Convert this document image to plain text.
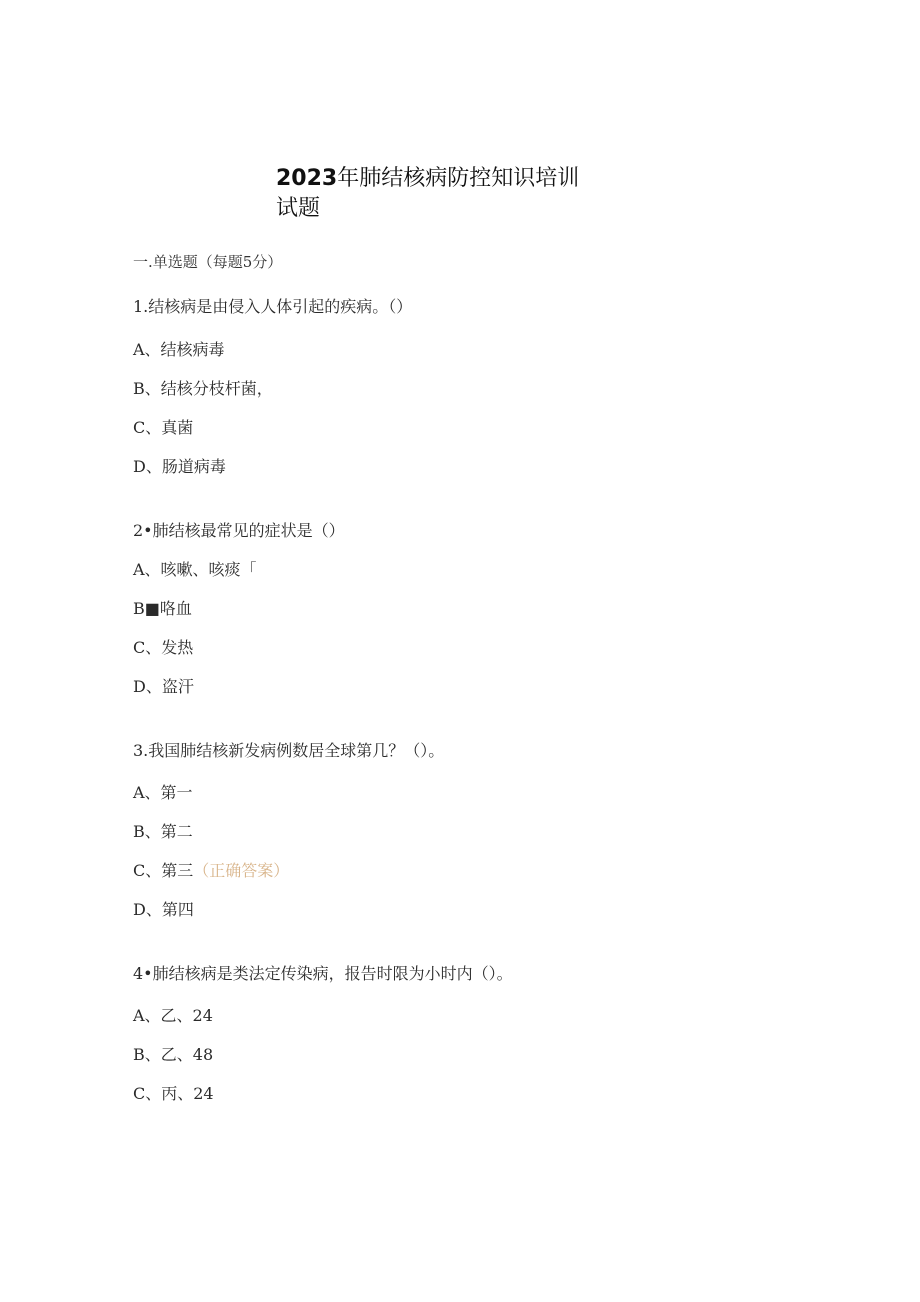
2023年肺结核病防控知识培训
试题
一.单选题（每题5分）
1.结核病是由侵入人体引起的疾病。（）
A、结核病毒
B、结核分枝杆菌，
C、真菌
D、肠道病毒
2•肺结核最常见的症状是（）
A、咳嗽、咳痰「
B■咯血
C、发热
D、盗汗
3.我国肺结核新发病例数居全球第几？（）。
A、第一
B、第二
C、第三（正确答案）
D、第四
4•肺结核病是类法定传染病，报告时限为小时内（）。
A、乙、24
B、乙、48
C、丙、24
